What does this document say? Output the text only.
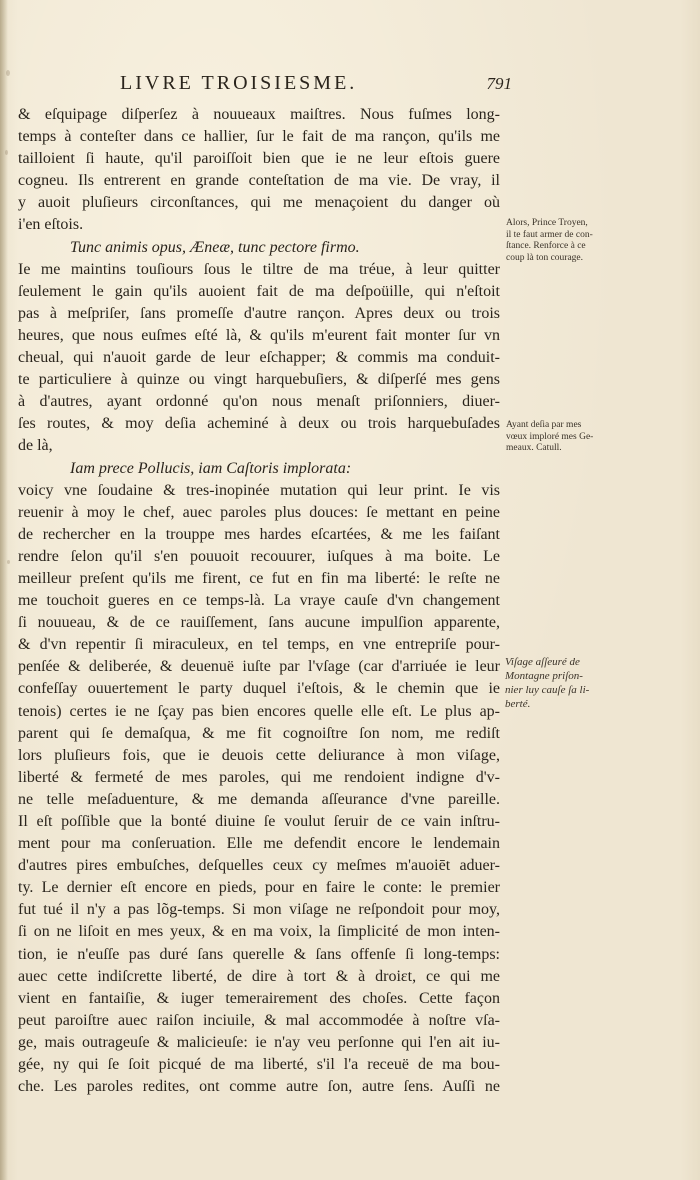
LIVRE TROISIESME.	791
& eſquipage diſperſez à nouueaux maiſtres. Nous fuſmes long-
temps à conteſter dans ce hallier, ſur le fait de ma rançon, qu'ils me
tailloient ſi haute, qu'il paroiſſoit bien que ie ne leur eſtois guere
cogneu. Ils entrerent en grande conteſtation de ma vie. De vray, il
y auoit pluſieurs circonſtances, qui me menaçoient du danger où
i'en eſtois.
Tunc animis opus, Æneæ, tunc pectore firmo.
Ie me maintins touſiours ſous le tiltre de ma tréue, à leur quitter
ſeulement le gain qu'ils auoient fait de ma deſpoüille, qui n'eſtoit
pas à meſpriſer, ſans promeſſe d'autre rançon. Apres deux ou trois
heures, que nous euſmes eſté là, & qu'ils m'eurent fait monter ſur vn
cheual, qui n'auoit garde de leur eſchapper; & commis ma conduit-
te particuliere à quinze ou vingt harquebuſiers, & diſperſé mes gens
à d'autres, ayant ordonné qu'on nous menaſt priſonniers, diuer-
ſes routes, & moy deſia acheminé à deux ou trois harquebuſades
de là,
Iam prece Pollucis, iam Caſtoris implorata:
voicy vne ſoudaine & tres-inopinée mutation qui leur print. Ie vis
reuenir à moy le chef, auec paroles plus douces: ſe mettant en peine
de rechercher en la trouppe mes hardes eſcartées, & me les faiſant
rendre ſelon qu'il s'en pouuoit recouurer, iuſques à ma boite. Le
meilleur preſent qu'ils me firent, ce fut en fin ma liberté: le reſte ne
me touchoit gueres en ce temps-là. La vraye cauſe d'vn changement
ſi nouueau, & de ce rauiſſement, ſans aucune impulſion apparente,
& d'vn repentir ſi miraculeux, en tel temps, en vne entrepriſe pour-
penſée & deliberée, & deuenuë iuſte par l'vſage (car d'arriuée ie leur
confeſſay ouuertement le party duquel i'eſtois, & le chemin que ie
tenois) certes ie ne ſçay pas bien encores quelle elle eſt. Le plus ap-
parent qui ſe demaſqua, & me fit cognoiſtre ſon nom, me rediſt
lors pluſieurs fois, que ie deuois cette deliurance à mon viſage,
liberté & fermeté de mes paroles, qui me rendoient indigne d'v-
ne telle meſaduenture, & me demanda aſſeurance d'vne pareille.
Il eſt poſſible que la bonté diuine ſe voulut ſeruir de ce vain inſtru-
ment pour ma conſeruation. Elle me defendit encore le lendemain
d'autres pires embuſches, deſquelles ceux cy meſmes m'auoiēt aduer-
ty. Le dernier eſt encore en pieds, pour en faire le conte: le premier
fut tué il n'y a pas lõg-temps. Si mon viſage ne reſpondoit pour moy,
ſi on ne liſoit en mes yeux, & en ma voix, la ſimplicité de mon inten-
tion, ie n'euſſe pas duré ſans querelle & ſans offenſe ſi long-temps:
auec cette indiſcrette liberté, de dire à tort & à droiɛt, ce qui me
vient en fantaiſie, & iuger temerairement des choſes. Cette façon
peut paroiſtre auec raiſon inciuile, & mal accommodée à noſtre vſa-
ge, mais outrageuſe & malicieuſe: ie n'ay veu perſonne qui l'en ait iu-
gée, ny qui ſe ſoit picqué de ma liberté, s'il l'a receuë de ma bou-
che. Les paroles redites, ont comme autre ſon, autre ſens. Auſſi ne
Alors, Prince Troyen,
il te faut armer de con-
ſtance. Renforce à ce
coup là ton courage.
Ayant deſia par mes
vœux imploré mes Ge-
meaux. Catull.
Viſage aſſeuré de
Montagne priſon-
nier luy cauſe ſa li-
berté.
